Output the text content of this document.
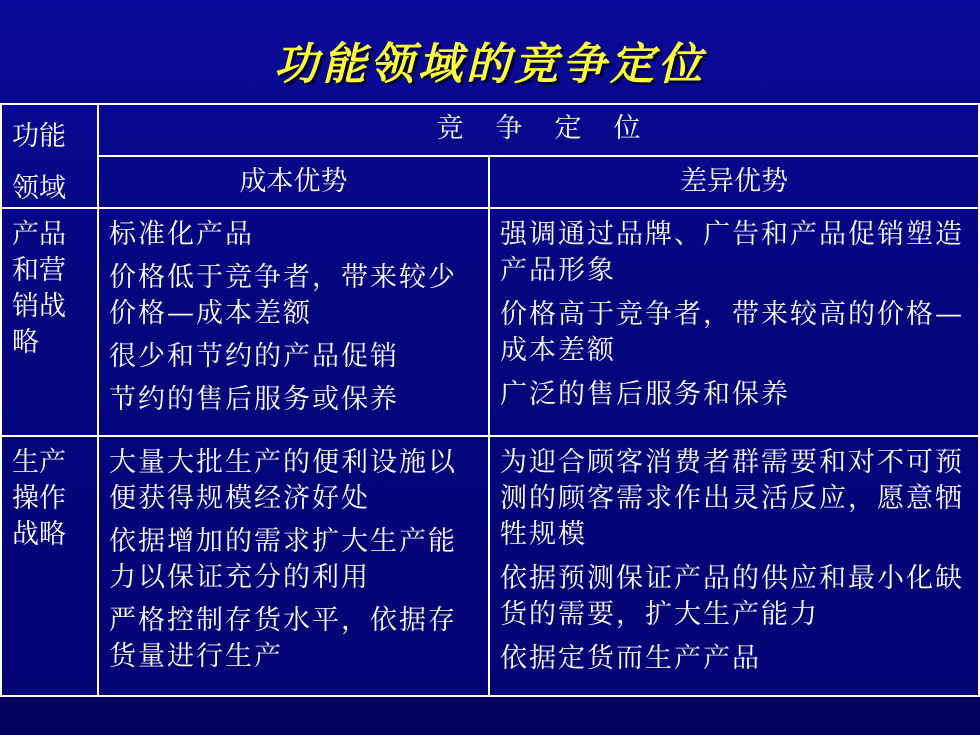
功能领域的竞争定位
功能
领域
竞争定位
成本优势	差异优势
产品
和营
销战
略
标准化产品
价格低于竞争者，带来较少价格—成本差额
很少和节约的产品促销
节约的售后服务或保养
强调通过品牌、广告和产品促销塑造产品形象
价格高于竞争者，带来较高的价格—成本差额
广泛的售后服务和保养
生产
操作
战略
大量大批生产的便利设施以便获得规模经济好处
依据增加的需求扩大生产能力以保证充分的利用
严格控制存货水平，依据存货量进行生产
为迎合顾客消费者群需要和对不可预测的顾客需求作出灵活反应，愿意牺牲规模
依据预测保证产品的供应和最小化缺货的需要，扩大生产能力
依据定货而生产产品
